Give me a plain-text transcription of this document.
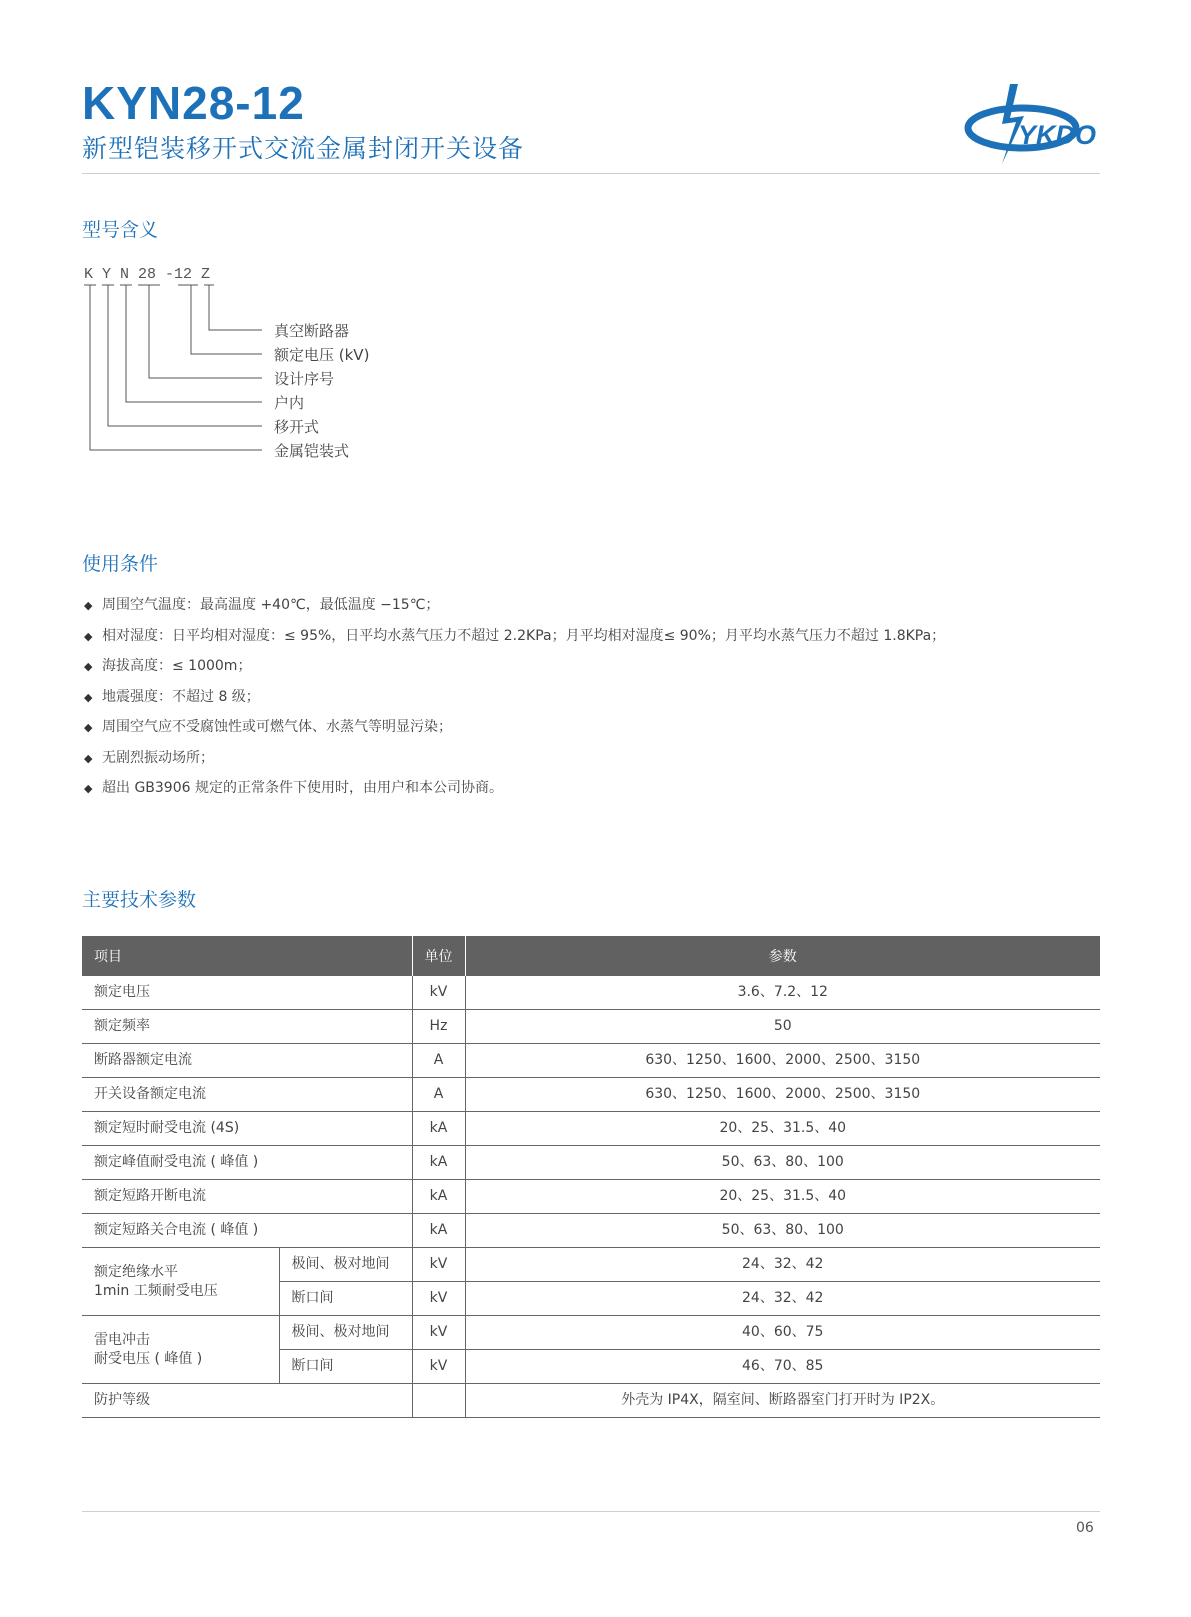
KYN28-12
新型铠装移开式交流金属封闭开关设备	YKDO
型号含义
K Y N 28 -12 Z
真空断路器
额定电压 (kV)
设计序号
户内
移开式
金属铠装式
使用条件
◆ 周围空气温度：最高温度 +40℃，最低温度 −15℃；
◆ 相对湿度：日平均相对湿度：≤ 95%，日平均水蒸气压力不超过 2.2KPa；月平均相对湿度≤ 90%；月平均水蒸气压力不超过 1.8KPa；
◆ 海拔高度：≤ 1000m；
◆ 地震强度：不超过 8 级；
◆ 周围空气应不受腐蚀性或可燃气体、水蒸气等明显污染；
◆ 无剧烈振动场所；
◆ 超出 GB3906 规定的正常条件下使用时，由用户和本公司协商。
主要技术参数
项目		单位	参数
额定电压		kV	3.6、7.2、12
额定频率		Hz	50
断路器额定电流		A	630、1250、1600、2000、2500、3150
开关设备额定电流		A	630、1250、1600、2000、2500、3150
额定短时耐受电流 (4S)		kA	20、25、31.5、40
额定峰值耐受电流 ( 峰值 )		kA	50、63、80、100
额定短路开断电流		kA	20、25、31.5、40
额定短路关合电流 ( 峰值 )		kA	50、63、80、100

额定绝缘水平
1min 工频耐受电压	极间、极对地间	kV	24、32、42
	断口间	kV	24、32、42

雷电冲击
耐受电压 ( 峰值 )	极间、极对地间	kV	40、60、75
	断口间	kV	46、70、85
防护等级			外壳为 IP4X，隔室间、断路器室门打开时为 IP2X。
06
